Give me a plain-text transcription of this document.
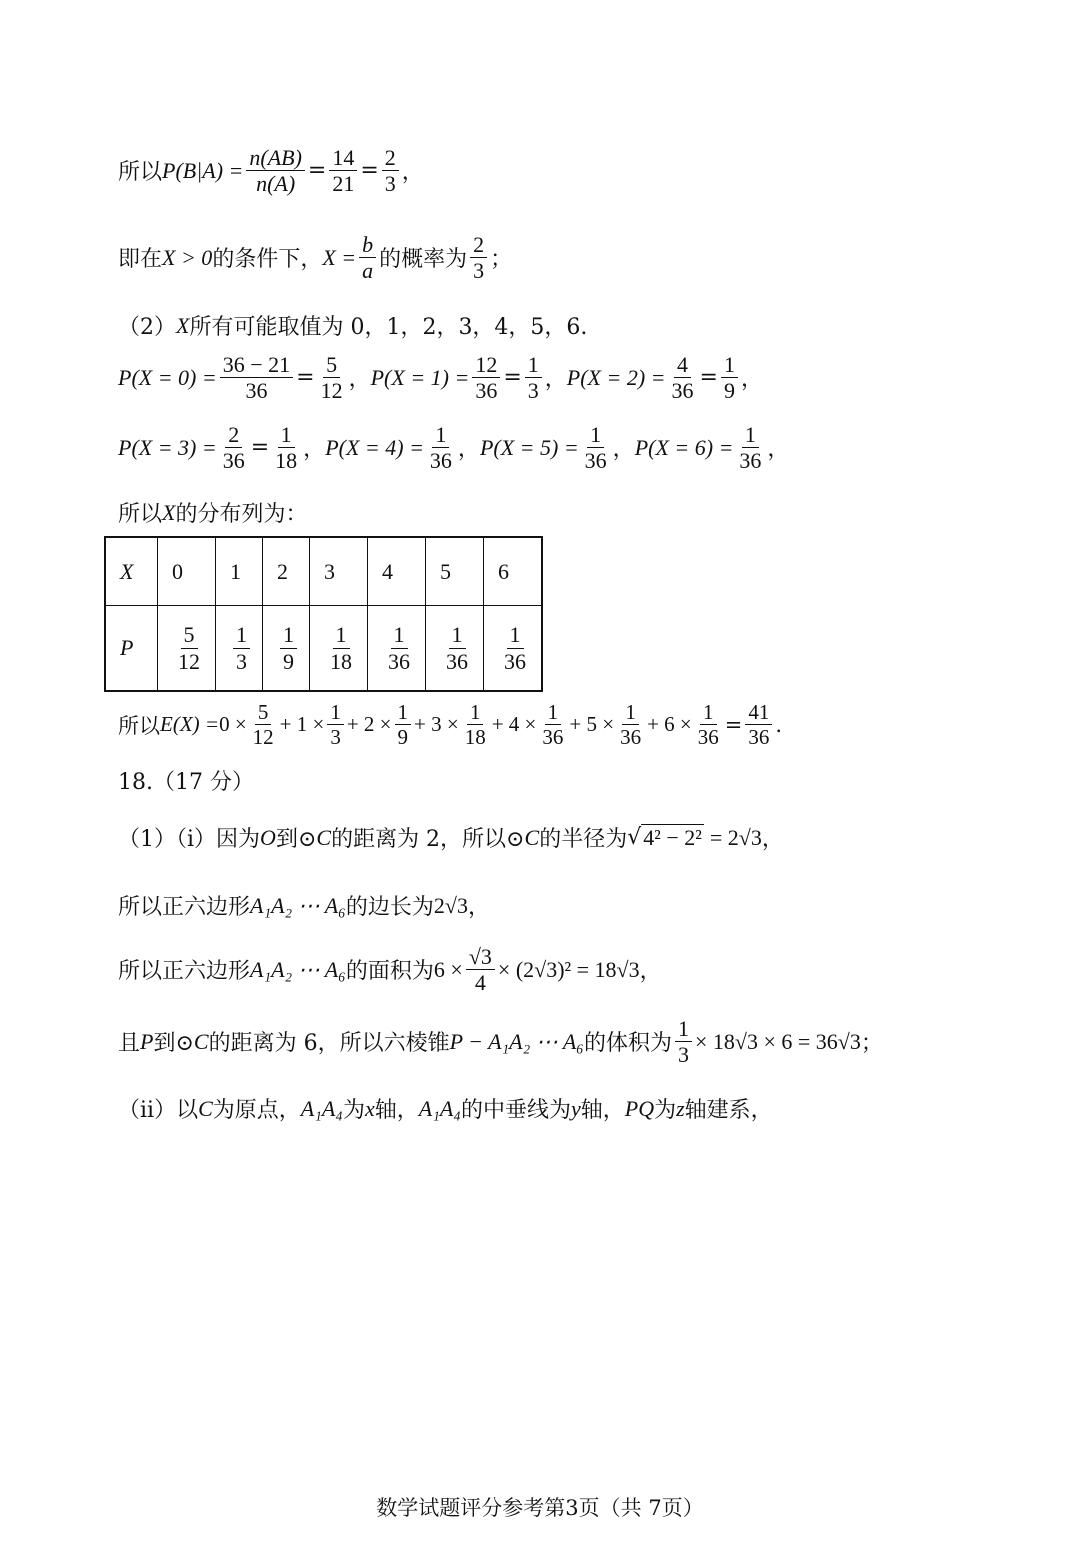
所以 $P(B|A) = \frac{n(AB)}{n(A)} = \frac{14}{21} = \frac{2}{3}$ ，
即在 X > 0 的条件下， $X = \frac{b}{a}$ 的概率为 $\frac{2}{3}$ ；
（2） X 所有可能取值为 0，1，2，3，4，5，6.
$P(X = 0) = \frac{36 - 21}{36} = \frac{5}{12}$ ， $P(X = 1) = \frac{12}{36} = \frac{1}{3}$ ， $P(X = 2) = \frac{4}{36} = \frac{1}{9}$ ，
$P(X = 3) = \frac{2}{36} = \frac{1}{18}$ ， $P(X = 4) = \frac{1}{36}$ ， $P(X = 5) = \frac{1}{36}$ ， $P(X = 6) = \frac{1}{36}$ ，
所以 X 的分布列为：
X	0	1	2	3	4	5	6
P	$\frac{5}{12}$	$\frac{1}{3}$	$\frac{1}{9}$	$\frac{1}{18}$	$\frac{1}{36}$	$\frac{1}{36}$	$\frac{1}{36}$
所以 $E(X) = 0 \times \frac{5}{12} + 1 \times \frac{1}{3} + 2 \times \frac{1}{9} + 3 \times \frac{1}{18} + 4 \times \frac{1}{36} + 5 \times \frac{1}{36} + 6 \times \frac{1}{36} = \frac{41}{36}$ .
18.（17 分）
（1）（i）因为 O 到⊙ C 的距离为 2，所以⊙ C 的半径为 √ 4² − 2² = 2√3 ，
所以正六边形 A₁A₂ ⋯ A₆ 的边长为 2√3 ，
所以正六边形 A₁A₂ ⋯ A₆ 的面积为 $6 \times \frac{√3}{4} \times (2√3)^2 = 18√3$ ，
且 P 到⊙ C 的距离为 6，所以六棱锥 P − A₁A₂ ⋯ A₆ 的体积为 $\frac{1}{3} \times 18√3 \times 6 = 36√3$ ；
（ii）以 C 为原点， A₁A₄ 为 x 轴， A₁A₄ 的中垂线为 y 轴， PQ 为 z 轴建系，
数学试题评分参考第3页（共 7页）
